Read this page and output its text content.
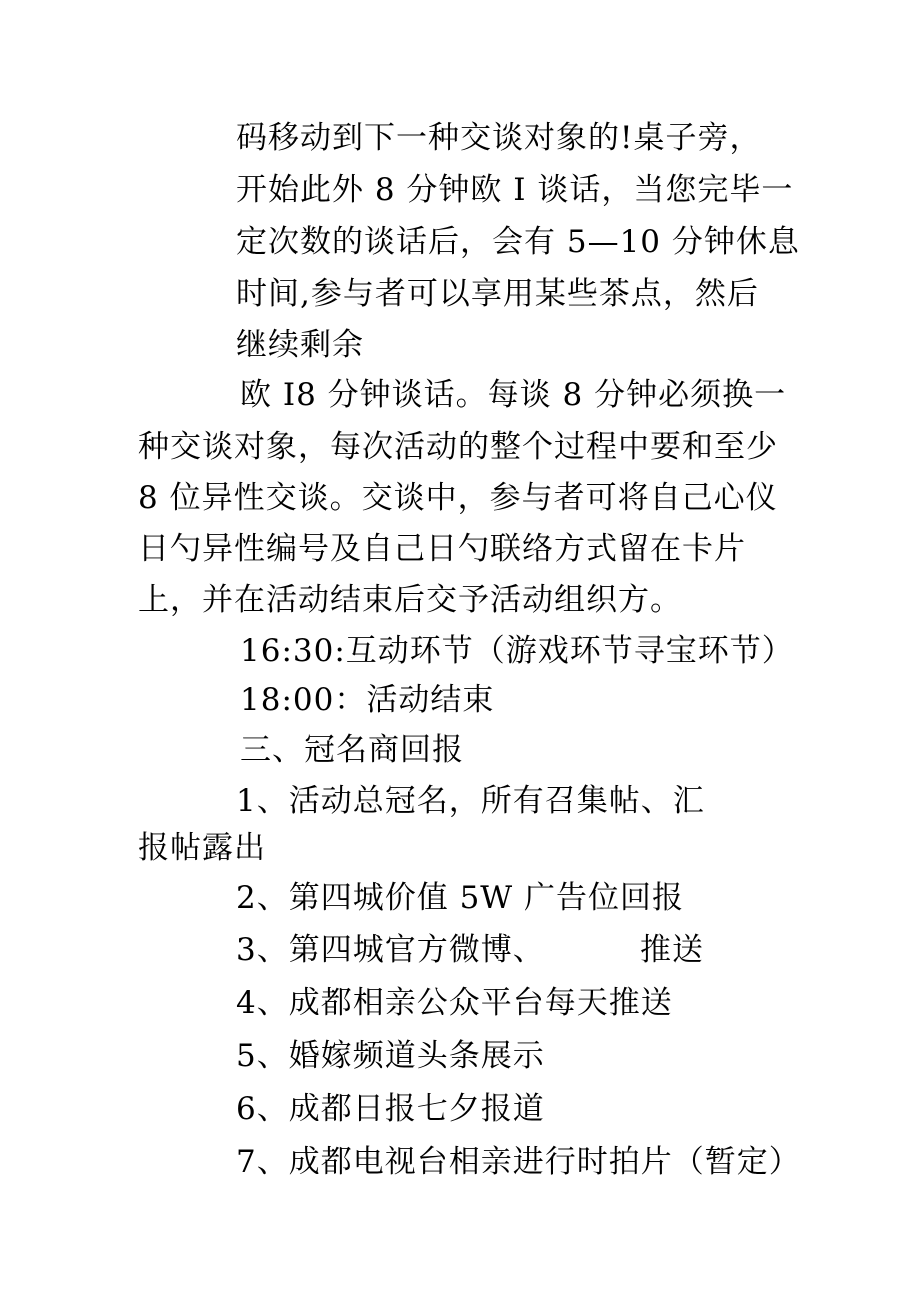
码移动到下一种交谈对象的!桌子旁，
开始此外 8 分钟欧 I 谈话，当您完毕一
定次数的谈话后，会有 5—10 分钟休息
时间,参与者可以享用某些茶点，然后
继续剩余
欧 I8 分钟谈话。每谈 8 分钟必须换一
种交谈对象，每次活动的整个过程中要和至少
8 位异性交谈。交谈中，参与者可将自己心仪
日勺异性编号及自己日勺联络方式留在卡片
上，并在活动结束后交予活动组织方。
16:30:互动环节（游戏环节寻宝环节）
18:00：活动结束
三、冠名商回报
1、活动总冠名，所有召集帖、汇
报帖露出
2、第四城价值 5W 广告位回报
3、第四城官方微博、	推送
4、成都相亲公众平台每天推送
5、婚嫁频道头条展示
6、成都日报七夕报道
7、成都电视台相亲进行时拍片（暂定）
